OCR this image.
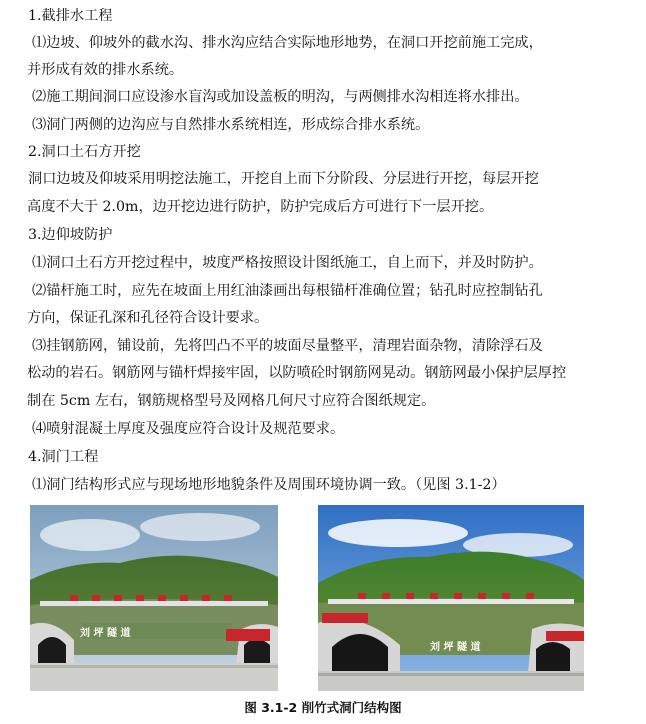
1.截排水工程
⑴边坡、仰坡外的截水沟、排水沟应结合实际地形地势，在洞口开挖前施工完成，
并形成有效的排水系统。
⑵施工期间洞口应设渗水盲沟或加设盖板的明沟，与两侧排水沟相连将水排出。
⑶洞门两侧的边沟应与自然排水系统相连，形成综合排水系统。
2.洞口土石方开挖
洞口边坡及仰坡采用明挖法施工，开挖自上而下分阶段、分层进行开挖，每层开挖
高度不大于 2.0m，边开挖边进行防护，防护完成后方可进行下一层开挖。
3.边仰坡防护
⑴洞口土石方开挖过程中，坡度严格按照设计图纸施工，自上而下，并及时防护。
⑵锚杆施工时，应先在坡面上用红油漆画出每根锚杆准确位置；钻孔时应控制钻孔
方向，保证孔深和孔径符合设计要求。
⑶挂钢筋网，铺设前，先将凹凸不平的坡面尽量整平，清理岩面杂物，清除浮石及
松动的岩石。钢筋网与锚杆焊接牢固，以防喷砼时钢筋网晃动。钢筋网最小保护层厚控
制在 5cm 左右，钢筋规格型号及网格几何尺寸应符合图纸规定。
⑷喷射混凝土厚度及强度应符合设计及规范要求。
4.洞门工程
⑴洞门结构形式应与现场地形地貌条件及周围环境协调一致。（见图 3.1-2）
刘 坪 隧 道
刘 坪 隧 道
图 3.1-2 削竹式洞门结构图
